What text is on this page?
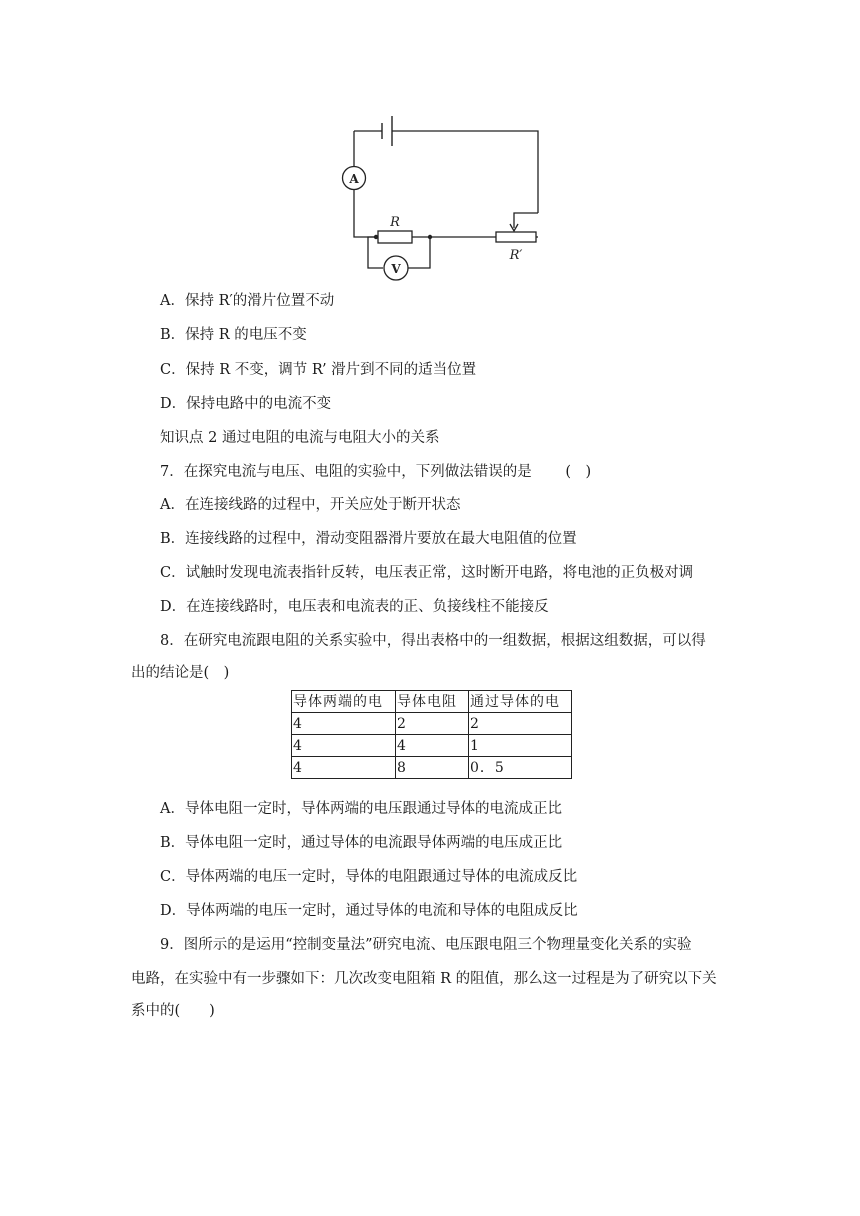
A
V
R
R′
A．保持 R′的滑片位置不动
B．保持 R 的电压不变
C．保持 R 不变，调节 R’ 滑片到不同的适当位置
D．保持电路中的电流不变
知识点 2 通过电阻的电流与电阻大小的关系
7．在探究电流与电压、电阻的实验中，下列做法错误的是　　 (　)
A．在连接线路的过程中，开关应处于断开状态
B．连接线路的过程中，滑动变阻器滑片要放在最大电阻值的位置
C．试触时发现电流表指针反转，电压表正常，这时断开电路，将电池的正负极对调
D．在连接线路时，电压表和电流表的正、负接线柱不能接反
8．在研究电流跟电阻的关系实验中，得出表格中的一组数据，根据这组数据，可以得
出的结论是(　)
导体两端的电	导体电阻	通过导体的电
4	2	2
4	4	1
4	8	0．5
A．导体电阻一定时，导体两端的电压跟通过导体的电流成正比
B．导体电阻一定时，通过导体的电流跟导体两端的电压成正比
C．导体两端的电压一定时，导体的电阻跟通过导体的电流成反比
D．导体两端的电压一定时，通过导体的电流和导体的电阻成反比
9．图所示的是运用“控制变量法”研究电流、电压跟电阻三个物理量变化关系的实验
电路，在实验中有一步骤如下：几次改变电阻箱 R 的阻值，那么这一过程是为了研究以下关
系中的(　　)
